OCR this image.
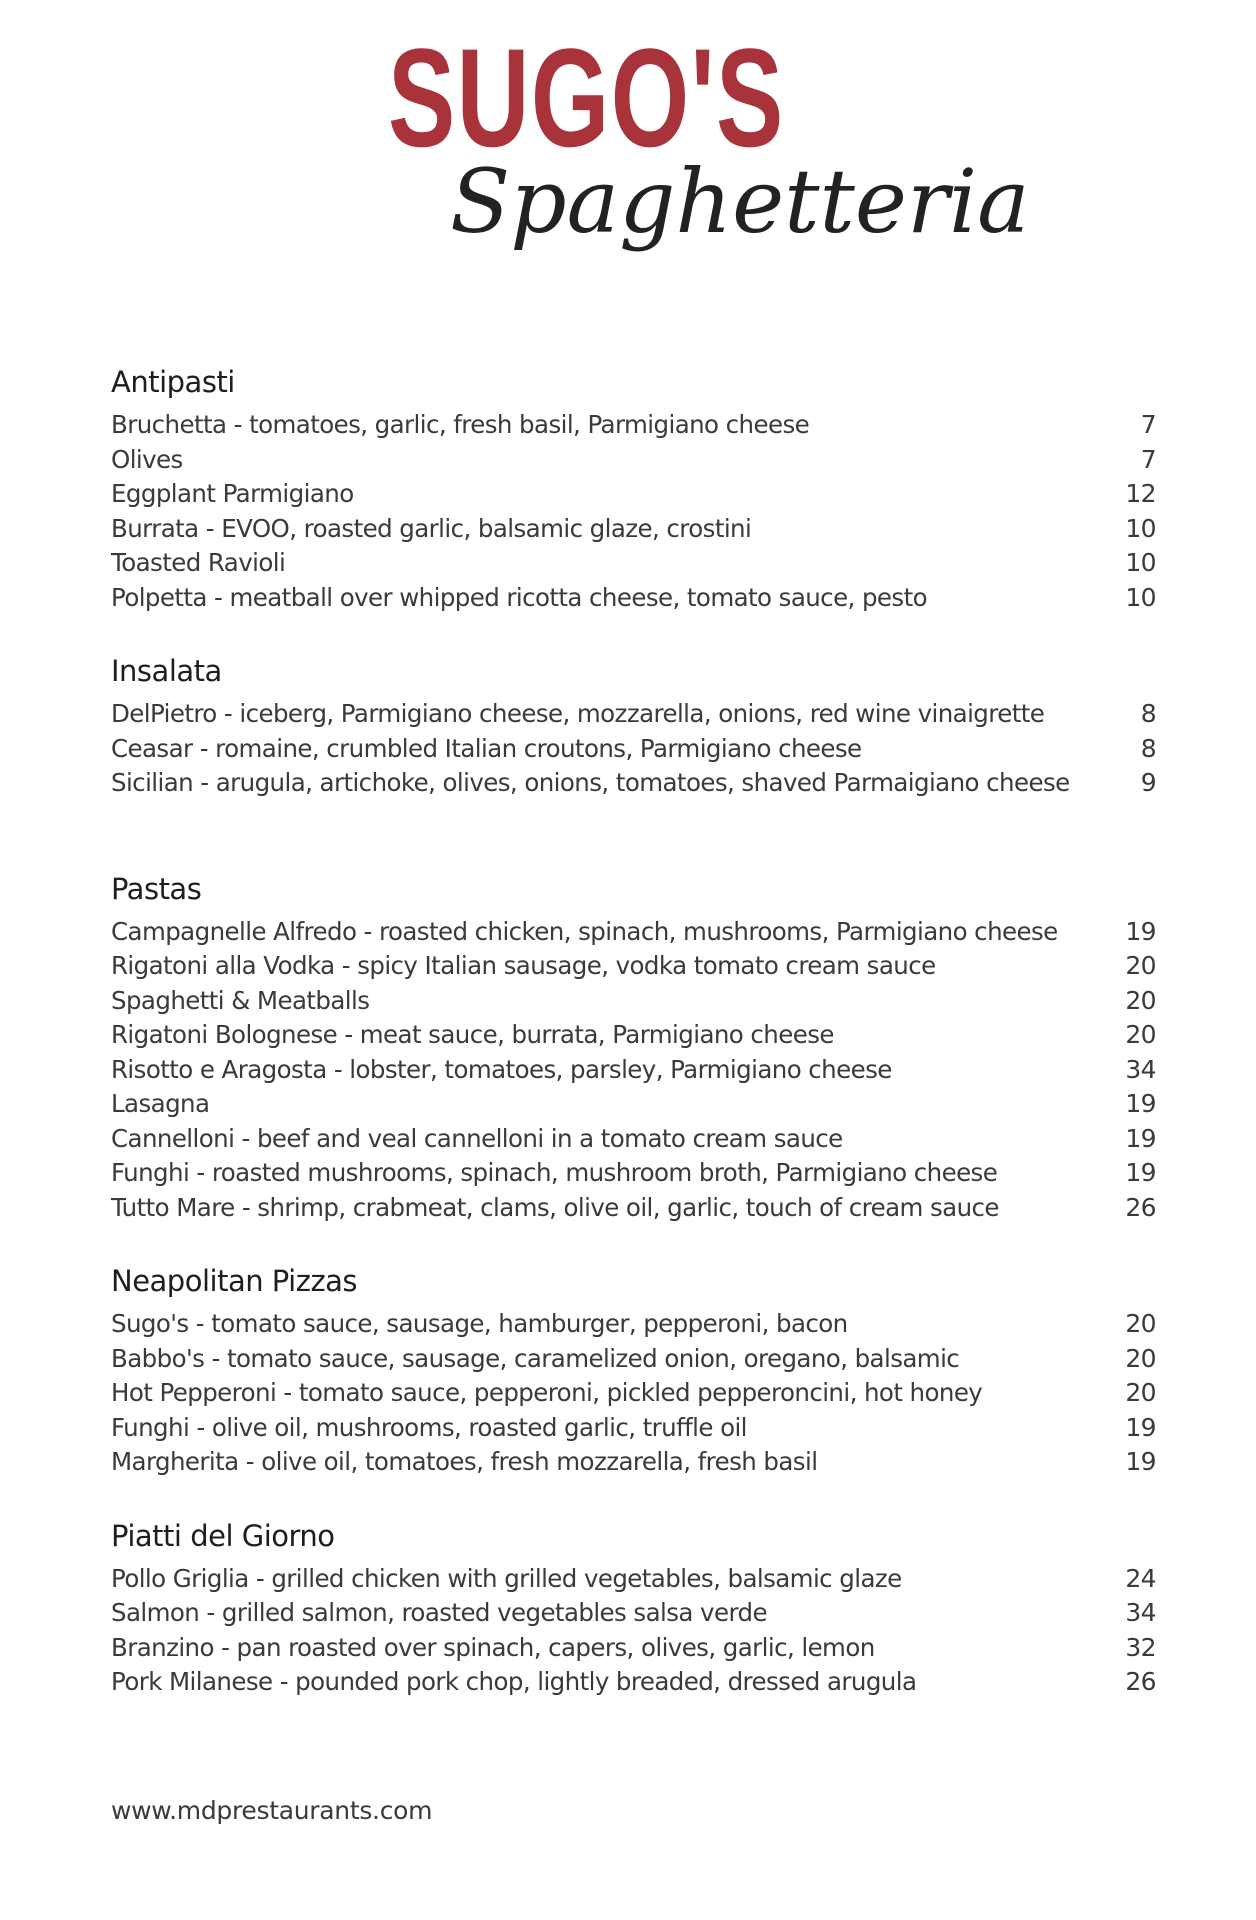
SUGO'S
Spaghetteria
Antipasti
Bruchetta - tomatoes, garlic, fresh basil, Parmigiano cheese	7
Olives	7
Eggplant Parmigiano	12
Burrata - EVOO, roasted garlic, balsamic glaze, crostini	10
Toasted Ravioli	10
Polpetta - meatball over whipped ricotta cheese, tomato sauce, pesto	10
Insalata
DelPietro - iceberg, Parmigiano cheese, mozzarella, onions, red wine vinaigrette	8
Ceasar - romaine, crumbled Italian croutons, Parmigiano cheese	8
Sicilian - arugula, artichoke, olives, onions, tomatoes, shaved Parmaigiano cheese	9
Pastas
Campagnelle Alfredo - roasted chicken, spinach, mushrooms, Parmigiano cheese	19
Rigatoni alla Vodka - spicy Italian sausage, vodka tomato cream sauce	20
Spaghetti & Meatballs	20
Rigatoni Bolognese - meat sauce, burrata, Parmigiano cheese	20
Risotto e Aragosta - lobster, tomatoes, parsley, Parmigiano cheese	34
Lasagna	19
Cannelloni - beef and veal cannelloni in a tomato cream sauce	19
Funghi - roasted mushrooms, spinach, mushroom broth, Parmigiano cheese	19
Tutto Mare - shrimp, crabmeat, clams, olive oil, garlic, touch of cream sauce	26
Neapolitan Pizzas
Sugo's - tomato sauce, sausage, hamburger, pepperoni, bacon	20
Babbo's - tomato sauce, sausage, caramelized onion, oregano, balsamic	20
Hot Pepperoni - tomato sauce, pepperoni, pickled pepperoncini, hot honey	20
Funghi - olive oil, mushrooms, roasted garlic, truffle oil	19
Margherita - olive oil, tomatoes, fresh mozzarella, fresh basil	19
Piatti del Giorno
Pollo Griglia - grilled chicken with grilled vegetables, balsamic glaze	24
Salmon - grilled salmon, roasted vegetables salsa verde	34
Branzino - pan roasted over spinach, capers, olives, garlic, lemon	32
Pork Milanese - pounded pork chop, lightly breaded, dressed arugula	26
www.mdprestaurants.com
